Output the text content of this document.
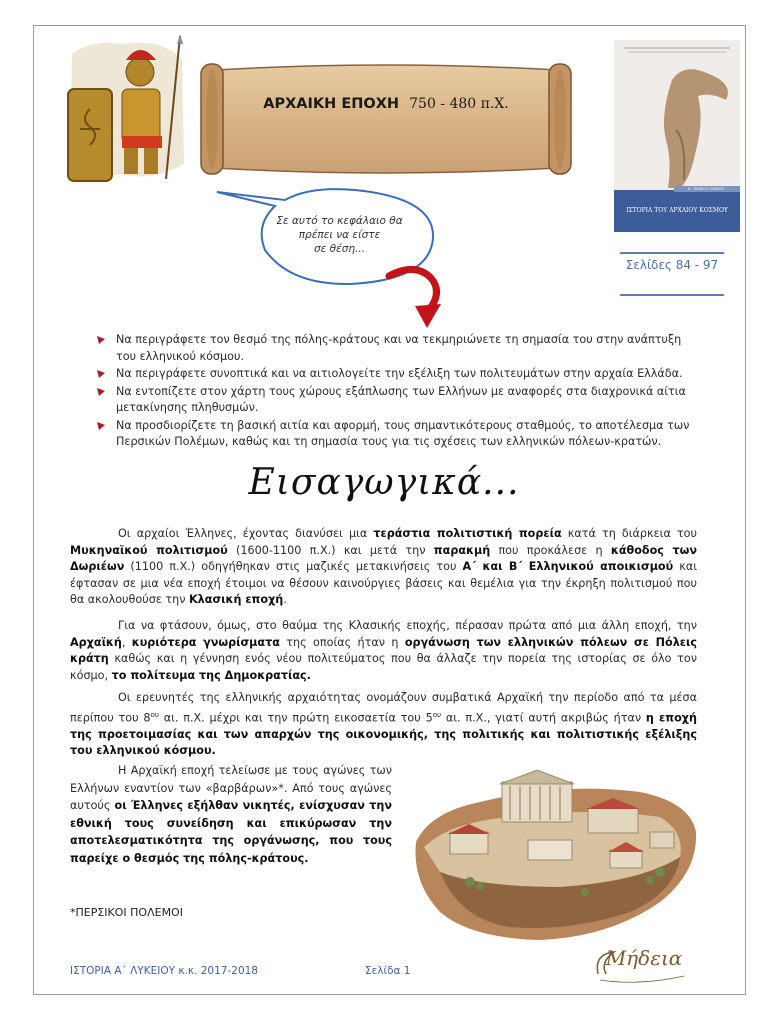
ΑΡΧΑΙΚΗ ΕΠΟΧΗ 750 - 480 π.Χ.
Σε αυτό το κεφάλαιο θα
πρέπει να είστε
σε θέση...
ΙΣΤΟΡΙΑ ΤΟΥ ΑΡΧΑΙΟΥ ΚΟΣΜΟΥ
Α΄ ΓΕΝΙΚΟΥ ΛΥΚΕΙΟΥ
Σελίδες 84 - 97
Να περιγράφετε τον θεσμό της πόλης-κράτους και να τεκμηριώνετε τη σημασία του στην ανάπτυξη του ελληνικού κόσμου.
Να περιγράφετε συνοπτικά και να αιτιολογείτε την εξέλιξη των πολιτευμάτων στην αρχαία Ελλάδα.
Να εντοπίζετε στον χάρτη τους χώρους εξάπλωσης των Ελλήνων με αναφορές στα διαχρονικά αίτια μετακίνησης πληθυσμών.
Να προσδιορίζετε τη βασική αιτία και αφορμή, τους σημαντικότερους σταθμούς, το αποτέλεσμα των Περσικών Πολέμων, καθώς και τη σημασία τους για τις σχέσεις των ελληνικών πόλεων-κρατών.
Εισαγωγικά...

Οι αρχαίοι Έλληνες, έχοντας διανύσει μια τεράστια πολιτιστική πορεία κατά τη διάρκεια του Μυκηναϊκού πολιτισμού (1600-1100 π.Χ.) και μετά την παρακμή που προκάλεσε η κάθοδος των Δωριέων (1100 π.Χ.) οδηγήθηκαν στις μαζικές μετακινήσεις του Α΄ και Β΄ Ελληνικού αποικισμού και έφτασαν σε μια νέα εποχή έτοιμοι να θέσουν καινούργιες βάσεις και θεμέλια για την έκρηξη πολιτισμού που θα ακολουθούσε την Κλασική εποχή.

Για να φτάσουν, όμως, στο θαύμα της Κλασικής εποχής, πέρασαν πρώτα από μια άλλη εποχή, την Αρχαϊκή, κυριότερα γνωρίσματα της οποίας ήταν η οργάνωση των ελληνικών πόλεων σε Πόλεις κράτη καθώς και η γέννηση ενός νέου πολιτεύματος που θα άλλαζε την πορεία της ιστορίας σε όλο τον κόσμο, το πολίτευμα της Δημοκρατίας.

Οι ερευνητές της ελληνικής αρχαιότητας ονομάζουν συμβατικά Αρχαϊκή την περίοδο από τα μέσα περίπου του $8^{o\upsilon}$ αι. π.Χ. μέχρι και την πρώτη εικοσαετία του $5^{o\upsilon}$ αι. π.Χ., γιατί αυτή ακριβώς ήταν η εποχή της προετοιμασίας και των απαρχών της οικονομικής, της πολιτικής και πολιτιστικής εξέλιξης του ελληνικού κόσμου.

Η Αρχαϊκή εποχή τελείωσε με τους αγώνες των Ελλήνων εναντίον των «βαρβάρων»*. Από τους αγώνες αυτούς οι Έλληνες εξήλθαν νικητές, ενίσχυσαν την εθνική τους συνείδηση και επικύρωσαν την αποτελεσματικότητα της οργάνωσης, που τους παρείχε ο θεσμός της πόλης-κράτους.

*ΠΕΡΣΙΚΟΙ ΠΟΛΕΜΟΙ
ΙΣΤΟΡΙΑ Α΄ ΛΥΚΕΙΟΥ κ.κ. 2017-2018	Σελίδα 1
Μήδεια
